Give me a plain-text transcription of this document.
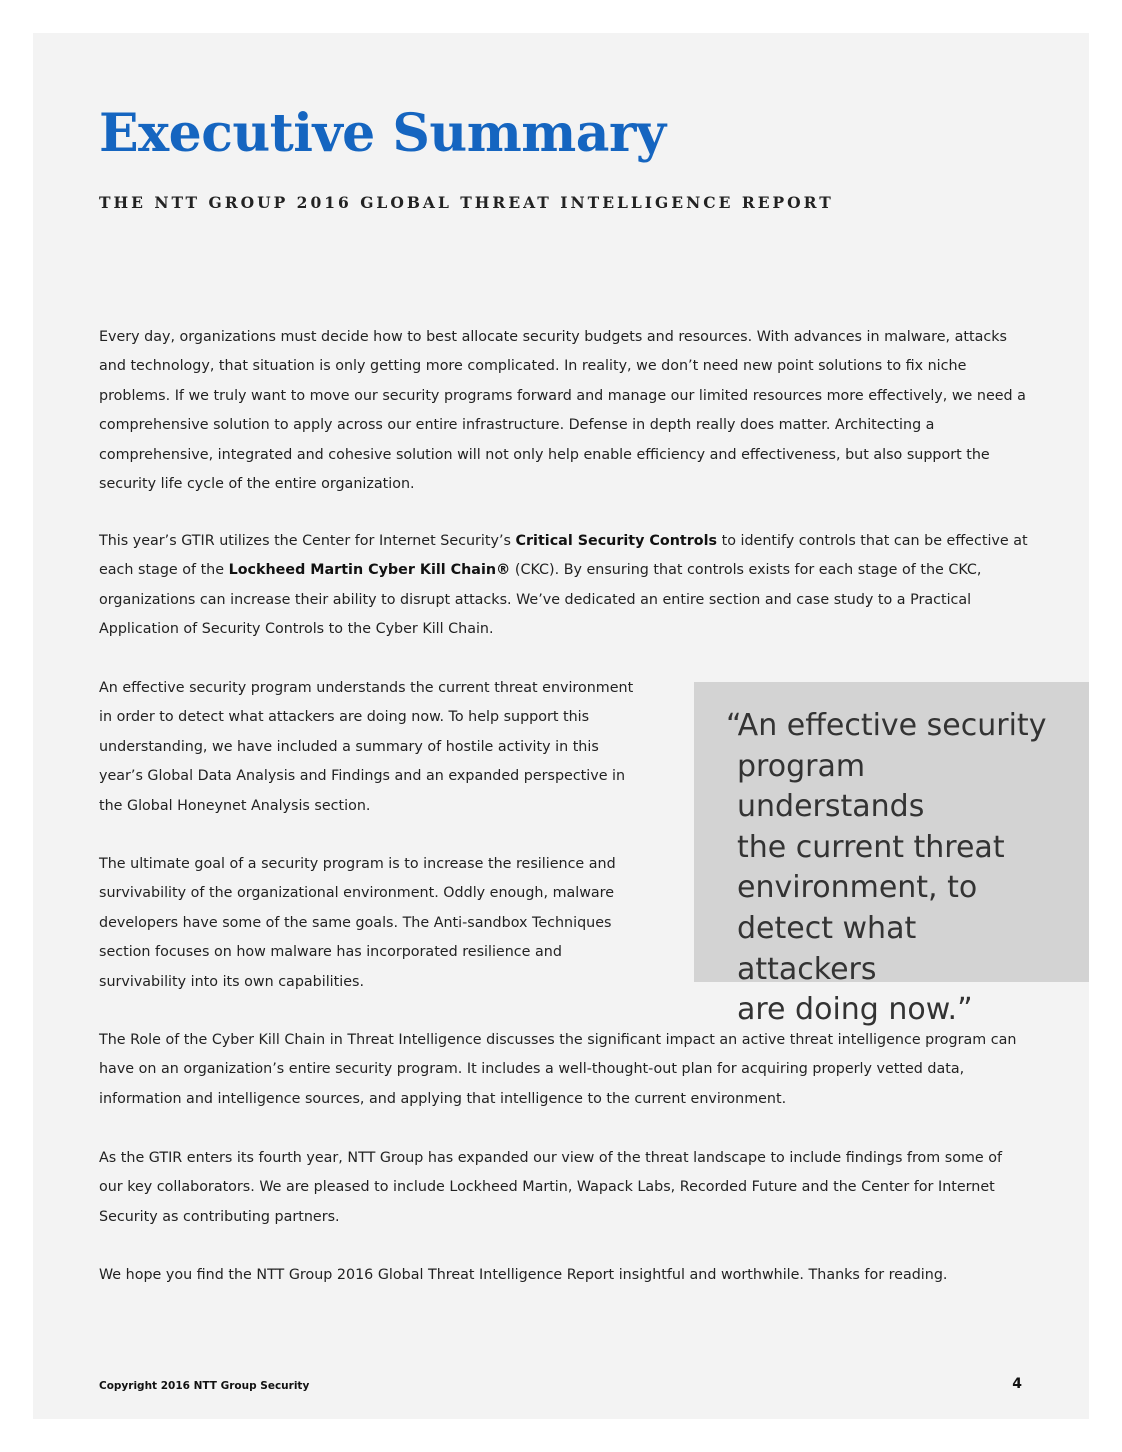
Executive Summary
THE NTT GROUP 2016 GLOBAL THREAT INTELLIGENCE REPORT

Every day, organizations must decide how to best allocate security budgets and resources. With advances in malware, attacks and technology, that situation is only getting more complicated. In reality, we don’t need new point solutions to fix niche problems. If we truly want to move our security programs forward and manage our limited resources more effectively, we need a comprehensive solution to apply across our entire infrastructure. Defense in depth really does matter. Architecting a comprehensive, integrated and cohesive solution will not only help enable efficiency and effectiveness, but also support the security life cycle of the entire organization.

This year’s GTIR utilizes the Center for Internet Security’s Critical Security Controls to identify controls that can be effective at each stage of the Lockheed Martin Cyber Kill Chain® (CKC). By ensuring that controls exists for each stage of the CKC, organizations can increase their ability to disrupt attacks. We’ve dedicated an entire section and case study to a Practical Application of Security Controls to the Cyber Kill Chain.

An effective security program understands the current threat environment in order to detect what attackers are doing now. To help support this understanding, we have included a summary of hostile activity in this year’s Global Data Analysis and Findings and an expanded perspective in the Global Honeynet Analysis section.

The ultimate goal of a security program is to increase the resilience and survivability of the organizational environment. Oddly enough, malware developers have some of the same goals. The Anti-sandbox Techniques section focuses on how malware has incorporated resilience and survivability into its own capabilities.

“An effective security
program understands
the current threat
environment, to
detect what attackers
are doing now.”

The Role of the Cyber Kill Chain in Threat Intelligence discusses the significant impact an active threat intelligence program can have on an organization’s entire security program. It includes a well-thought-out plan for acquiring properly vetted data, information and intelligence sources, and applying that intelligence to the current environment.

As the GTIR enters its fourth year, NTT Group has expanded our view of the threat landscape to include findings from some of our key collaborators. We are pleased to include Lockheed Martin, Wapack Labs, Recorded Future and the Center for Internet Security as contributing partners.

We hope you find the NTT Group 2016 Global Threat Intelligence Report insightful and worthwhile. Thanks for reading.

Copyright 2016 NTT Group Security	4
